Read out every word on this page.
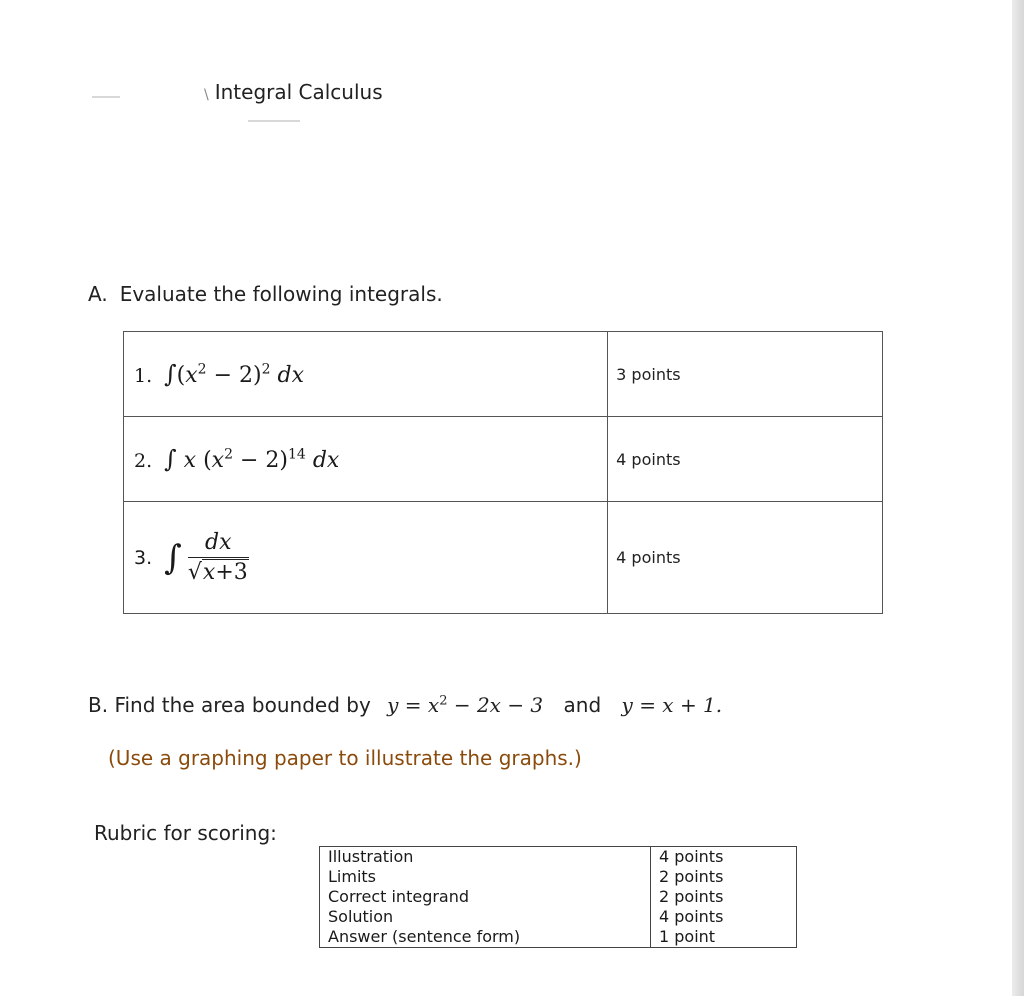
\ Integral Calculus
A. Evaluate the following integrals.
1. $\int(x^2 - 2)^2$ dx	3 points
2. ∫ x $(x^2 - 2)^{14}$ dx	4 points
3. ∫ $\frac{dx}{√x+3}$	4 points
B. Find the area bounded by $y = x^2 - 2x - 3$ and y = x + 1.
(Use a graphing paper to illustrate the graphs.)
Rubric for scoring:
Illustration	4 points
Limits	2 points
Correct integrand	2 points
Solution	4 points
Answer (sentence form)	1 point
